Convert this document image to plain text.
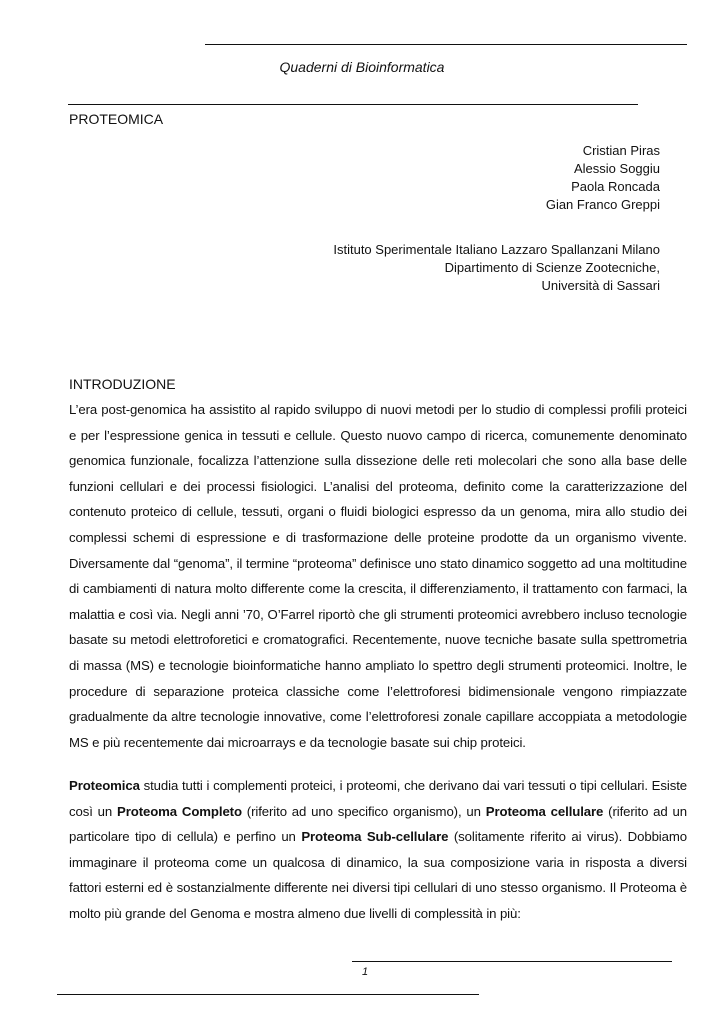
Quaderni di Bioinformatica
PROTEOMICA
Cristian Piras
Alessio Soggiu
Paola Roncada
Gian Franco Greppi
Istituto Sperimentale Italiano Lazzaro Spallanzani Milano
Dipartimento di Scienze Zootecniche,
Università di Sassari
INTRODUZIONE
L’era post-genomica ha assistito al rapido sviluppo di nuovi metodi per lo studio di complessi profili proteici e per l’espressione genica in tessuti e cellule. Questo nuovo campo di ricerca, comunemente denominato genomica funzionale, focalizza l’attenzione sulla dissezione delle reti molecolari che sono alla base delle funzioni cellulari e dei processi fisiologici. L’analisi del proteoma, definito come la caratterizzazione del contenuto proteico di cellule, tessuti, organi o fluidi biologici espresso da un genoma, mira allo studio dei complessi schemi di espressione e di trasformazione delle proteine prodotte da un organismo vivente. Diversamente dal “genoma”, il termine “proteoma” definisce uno stato dinamico soggetto ad una moltitudine di cambiamenti di natura molto differente come la crescita, il differenziamento, il trattamento con farmaci, la malattia e così via. Negli anni ’70, O’Farrel riportò che gli strumenti proteomici avrebbero incluso tecnologie basate su metodi elettroforetici e cromatografici. Recentemente, nuove tecniche basate sulla spettrometria di massa (MS) e tecnologie bioinformatiche hanno ampliato lo spettro degli strumenti proteomici. Inoltre, le procedure di separazione proteica classiche come l’elettroforesi bidimensionale vengono rimpiazzate gradualmente da altre tecnologie innovative, come l’elettroforesi zonale capillare accoppiata a metodologie MS e più recentemente dai microarrays e da tecnologie basate sui chip proteici.
Proteomica studia tutti i complementi proteici, i proteomi, che derivano dai vari tessuti o tipi cellulari. Esiste così un Proteoma Completo (riferito ad uno specifico organismo), un Proteoma cellulare (riferito ad un particolare tipo di cellula) e perfino un Proteoma Sub-cellulare (solitamente riferito ai virus). Dobbiamo immaginare il proteoma come un qualcosa di dinamico, la sua composizione varia in risposta a diversi fattori esterni ed è sostanzialmente differente nei diversi tipi cellulari di uno stesso organismo. Il Proteoma è molto più grande del Genoma e mostra almeno due livelli di complessità in più:
1
